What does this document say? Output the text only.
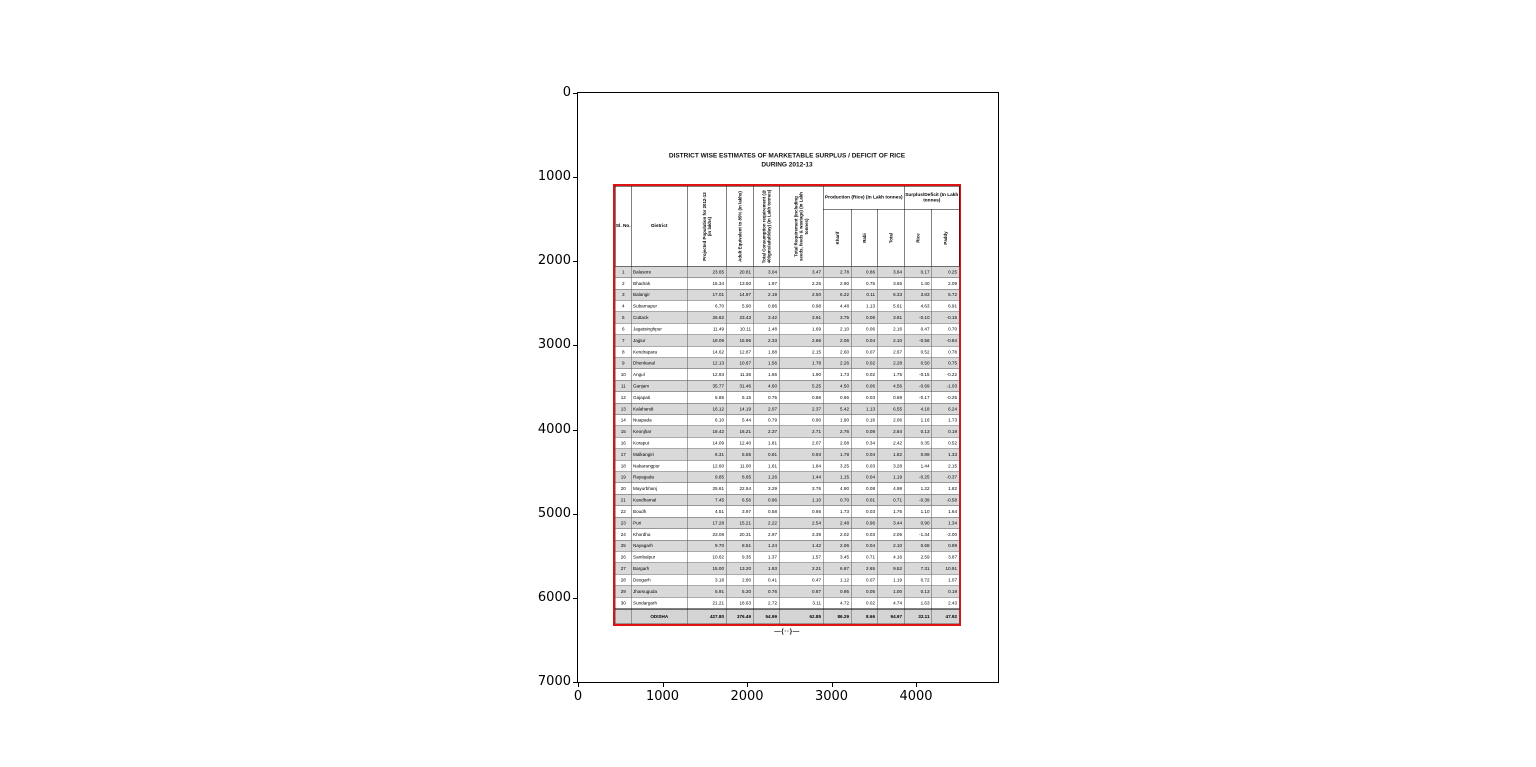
0
1000
2000
3000
4000
5000
6000
7000
0	1000	2000	3000	4000
DISTRICT WISE ESTIMATES OF MARKETABLE SURPLUS / DEFICIT OF RICE
DURING 2012-13
Sl. No.	District	Projected Population for 2012-13 (in lakhs)	Adult Equivalent to 85% (in lakhs)	Total Consumption requirement (@ 400gms/adult/day) (In Lakh tonnes)	Total Requirement (including seeds, feeds & wastage) (In Lakh tonnes)	Production (Rice) (In Lakh tonnes)			Surplus/Deficit (In Lakh tonnes)	

						Kharif	Rabi	Total	Rice	Paddy

1	Balasore	23.65	20.81	3.04	3.47	2.78	0.86	3.64	0.17	0.25
2	Bhadrak	15.34	13.50	1.97	2.25	2.90	0.75	3.65	1.40	2.09
3	Balangir	17.01	14.97	2.19	2.50	6.22	0.11	6.33	3.83	5.72
4	Subarnapur	6.70	5.90	0.86	0.98	4.48	1.13	5.61	4.63	6.91
5	Cuttack	26.62	23.43	3.42	3.91	3.75	0.06	3.81	-0.10	-0.15
6	Jagatsinghpur	11.49	10.11	1.48	1.69	2.10	0.06	2.16	0.47	0.70
7	Jajpur	18.09	15.96	2.33	2.66	2.06	0.04	2.10	-0.56	-0.84
8	Kendrapara	14.62	12.87	1.88	2.15	2.60	0.07	2.67	0.52	0.78
9	Dhenkanal	12.13	10.67	1.56	1.78	2.26	0.02	2.28	0.50	0.75
10	Angul	12.93	11.36	1.66	1.90	1.73	0.02	1.75	-0.15	-0.22
11	Ganjam	35.77	31.46	4.60	5.25	4.50	0.06	4.56	-0.69	-1.03
12	Gajapati	5.85	5.15	0.75	0.86	0.66	0.03	0.69	-0.17	-0.25
13	Kalahandi	16.12	14.19	2.07	2.37	5.42	1.13	6.55	4.18	6.24
14	Nuapada	6.10	5.44	0.79	0.90	1.90	0.16	2.06	1.16	1.73
15	Keonjhar	18.42	16.21	2.37	2.71	2.76	0.08	2.84	0.13	0.19
16	Koraput	14.09	12.40	1.81	2.07	2.08	0.34	2.42	0.35	0.52
17	Malkangiri	6.31	5.55	0.81	0.93	1.78	0.04	1.82	0.89	1.33
18	Nabarangpur	12.60	11.00	1.61	1.84	3.25	0.03	3.28	1.44	2.15
19	Rayagada	9.85	8.65	1.26	1.44	1.15	0.04	1.19	-0.25	-0.37
20	Mayurbhanj	25.61	22.54	3.29	3.76	4.90	0.08	4.98	1.22	1.82
21	Kandhamal	7.45	6.56	0.96	1.10	0.70	0.01	0.71	-0.39	-0.58
22	Boudh	4.51	3.97	0.58	0.66	1.73	0.03	1.76	1.10	1.64
23	Puri	17.28	15.21	2.22	2.54	2.48	0.96	3.44	0.90	1.34
24	Khordha	23.08	20.31	2.97	3.39	2.02	0.03	2.05	-1.34	-2.00
25	Nayagarh	9.70	8.51	1.24	1.42	2.06	0.04	2.10	0.68	0.99
26	Sambalpur	10.62	9.35	1.37	1.57	3.45	0.71	4.16	2.59	3.87
27	Bargarh	15.00	13.20	1.93	2.21	6.87	2.65	9.52	7.31	10.91
28	Deogarh	3.18	2.80	0.41	0.47	1.12	0.07	1.19	0.72	1.07
29	Jharsuguda	5.91	5.20	0.76	0.87	0.95	0.05	1.00	0.13	0.19
30	Sundargarh	21.21	18.63	2.72	3.11	4.72	0.02	4.74	1.63	2.43
	ODISHA	427.80	376.49	54.99	62.85	86.29	8.66	94.97	32.11	47.92
—{··}—
